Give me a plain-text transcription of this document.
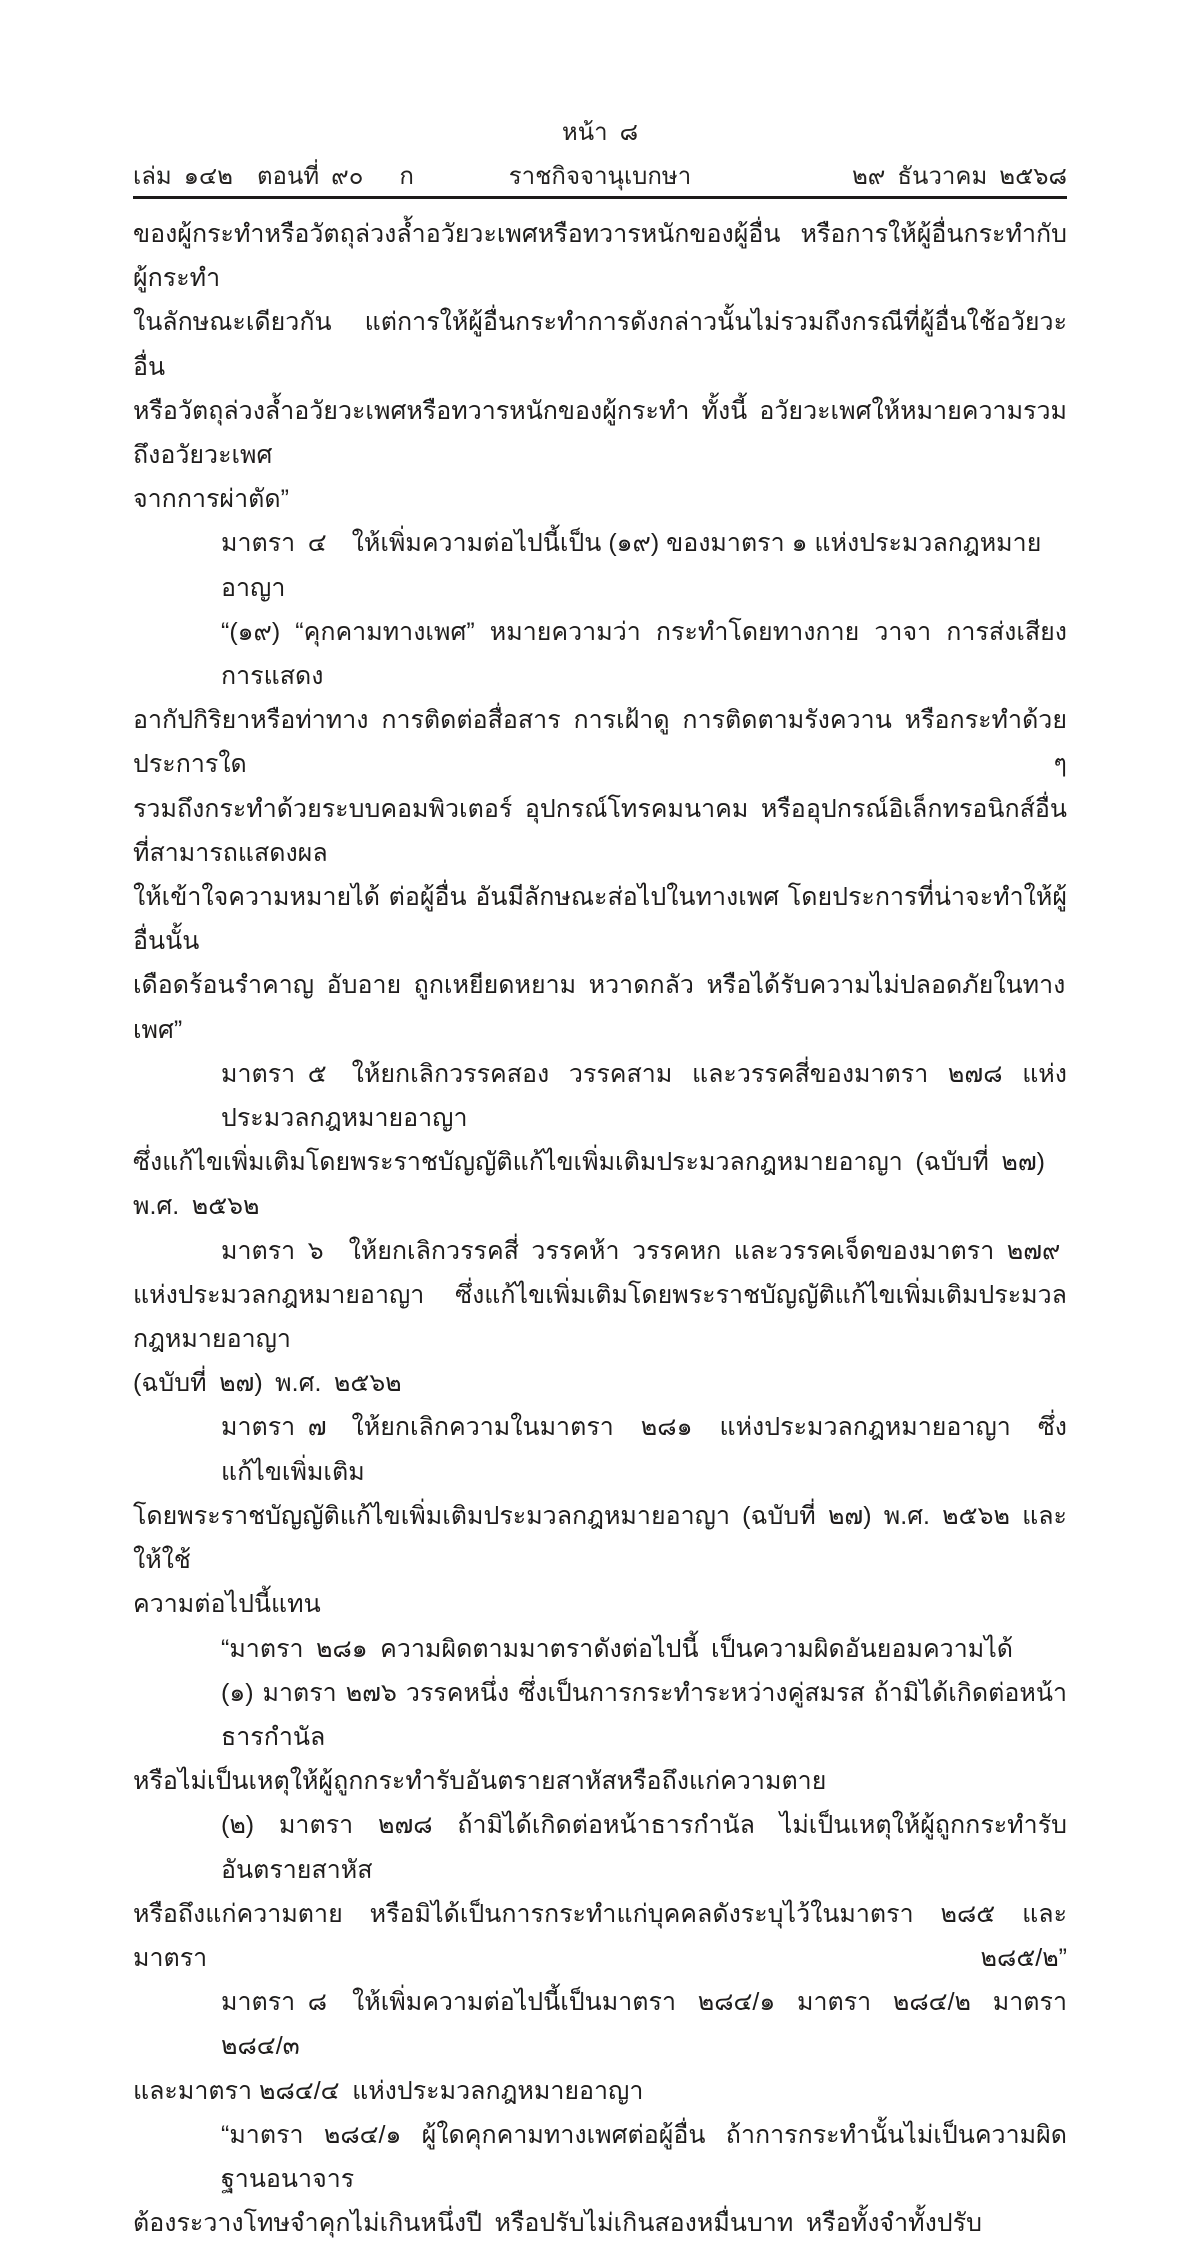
หน้า ๘
เล่ม ๑๔๒  ตอนที่ ๙๐   ก	ราชกิจจานุเบกษา	๒๙ ธันวาคม ๒๕๖๘
ของผู้กระทำหรือวัตถุล่วงล้ำอวัยวะเพศหรือทวารหนักของผู้อื่น หรือการให้ผู้อื่นกระทำกับผู้กระทำ
ในลักษณะเดียวกัน แต่การให้ผู้อื่นกระทำการดังกล่าวนั้นไม่รวมถึงกรณีที่ผู้อื่นใช้อวัยวะอื่น
หรือวัตถุล่วงล้ำอวัยวะเพศหรือทวารหนักของผู้กระทำ ทั้งนี้ อวัยวะเพศให้หมายความรวมถึงอวัยวะเพศ
จากการผ่าตัด”
มาตรา ๔ ให้เพิ่มความต่อไปนี้เป็น (๑๙) ของมาตรา ๑ แห่งประมวลกฎหมายอาญา
“(๑๙) “คุกคามทางเพศ” หมายความว่า กระทำโดยทางกาย วาจา การส่งเสียง การแสดง
อากัปกิริยาหรือท่าทาง การติดต่อสื่อสาร การเฝ้าดู การติดตามรังควาน หรือกระทำด้วยประการใด ๆ
รวมถึงกระทำด้วยระบบคอมพิวเตอร์ อุปกรณ์โทรคมนาคม หรืออุปกรณ์อิเล็กทรอนิกส์อื่นที่สามารถแสดงผล
ให้เข้าใจความหมายได้ ต่อผู้อื่น อันมีลักษณะส่อไปในทางเพศ โดยประการที่น่าจะทำให้ผู้อื่นนั้น
เดือดร้อนรำคาญ อับอาย ถูกเหยียดหยาม หวาดกลัว หรือได้รับความไม่ปลอดภัยในทางเพศ”
มาตรา ๕ ให้ยกเลิกวรรคสอง วรรคสาม และวรรคสี่ของมาตรา ๒๗๘ แห่งประมวลกฎหมายอาญา
ซึ่งแก้ไขเพิ่มเติมโดยพระราชบัญญัติแก้ไขเพิ่มเติมประมวลกฎหมายอาญา (ฉบับที่ ๒๗) พ.ศ. ๒๕๖๒
มาตรา ๖ ให้ยกเลิกวรรคสี่ วรรคห้า วรรคหก และวรรคเจ็ดของมาตรา ๒๗๙
แห่งประมวลกฎหมายอาญา ซึ่งแก้ไขเพิ่มเติมโดยพระราชบัญญัติแก้ไขเพิ่มเติมประมวลกฎหมายอาญา
(ฉบับที่ ๒๗) พ.ศ. ๒๕๖๒
มาตรา ๗ ให้ยกเลิกความในมาตรา ๒๘๑ แห่งประมวลกฎหมายอาญา ซึ่งแก้ไขเพิ่มเติม
โดยพระราชบัญญัติแก้ไขเพิ่มเติมประมวลกฎหมายอาญา (ฉบับที่ ๒๗) พ.ศ. ๒๕๖๒ และให้ใช้
ความต่อไปนี้แทน
“มาตรา ๒๘๑ ความผิดตามมาตราดังต่อไปนี้ เป็นความผิดอันยอมความได้
(๑) มาตรา ๒๗๖ วรรคหนึ่ง ซึ่งเป็นการกระทำระหว่างคู่สมรส ถ้ามิได้เกิดต่อหน้าธารกำนัล
หรือไม่เป็นเหตุให้ผู้ถูกกระทำรับอันตรายสาหัสหรือถึงแก่ความตาย
(๒) มาตรา ๒๗๘ ถ้ามิได้เกิดต่อหน้าธารกำนัล ไม่เป็นเหตุให้ผู้ถูกกระทำรับอันตรายสาหัส
หรือถึงแก่ความตาย หรือมิได้เป็นการกระทำแก่บุคคลดังระบุไว้ในมาตรา ๒๘๕ และมาตรา ๒๘๕/๒”
มาตรา ๘ ให้เพิ่มความต่อไปนี้เป็นมาตรา ๒๘๔/๑ มาตรา ๒๘๔/๒ มาตรา ๒๘๔/๓
และมาตรา ๒๘๔/๔ แห่งประมวลกฎหมายอาญา
“มาตรา ๒๘๔/๑ ผู้ใดคุกคามทางเพศต่อผู้อื่น ถ้าการกระทำนั้นไม่เป็นความผิดฐานอนาจาร
ต้องระวางโทษจำคุกไม่เกินหนึ่งปี หรือปรับไม่เกินสองหมื่นบาท หรือทั้งจำทั้งปรับ
